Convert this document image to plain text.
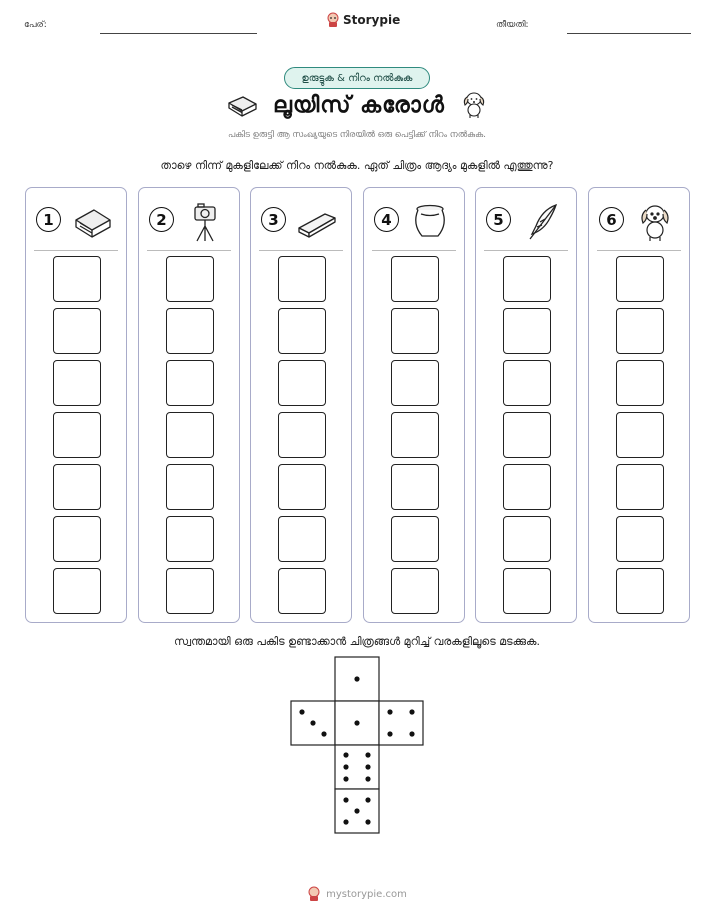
പേര്:	Storypie	തീയതി:
ഉരുട്ടുക & നിറം നൽകുക
ലൂയിസ് കരോൾ
പകിട ഉരുട്ടി ആ സംഖ്യയുടെ നിരയിൽ ഒരു പെട്ടിക്ക് നിറം നൽകുക.
താഴെ നിന്ന് മുകളിലേക്ക് നിറം നൽകുക. ഏത് ചിത്രം ആദ്യം മുകളിൽ എത്തുന്നു?
1	2	3	4	5	6
സ്വന്തമായി ഒരു പകിട ഉണ്ടാക്കാൻ ചിത്രങ്ങൾ മുറിച്ച് വരകളിലൂടെ മടക്കുക.
mystorypie.com
